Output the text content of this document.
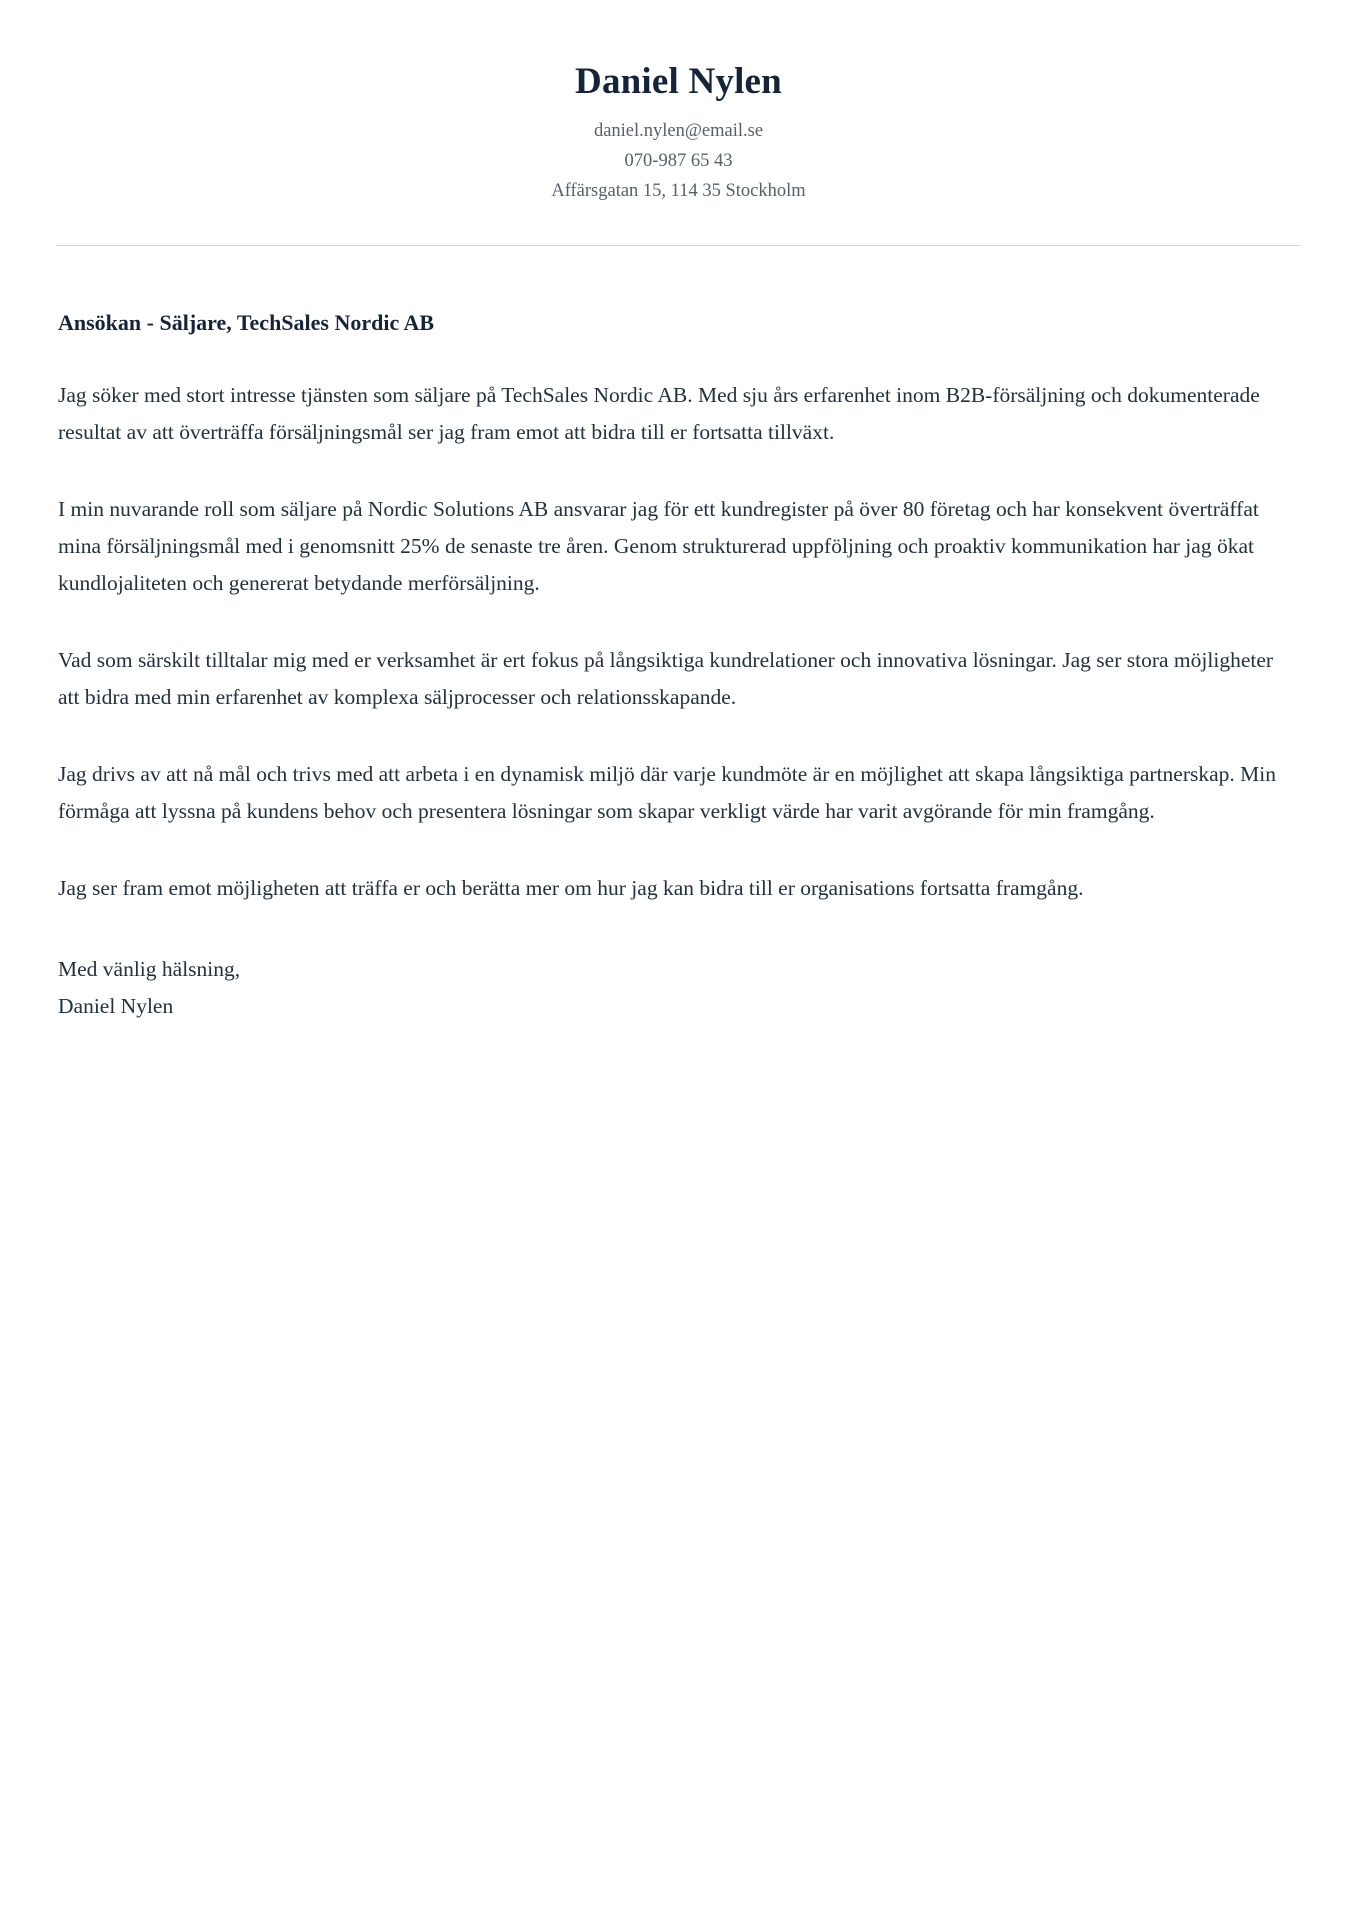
Daniel Nylen

daniel.nylen@email.se

070-987 65 43

Affärsgatan 15, 114 35 Stockholm

Ansökan - Säljare, TechSales Nordic AB

Jag söker med stort intresse tjänsten som säljare på TechSales Nordic AB. Med sju års erfarenhet inom B2B-försäljning och dokumenterade resultat av att överträffa försäljningsmål ser jag fram emot att bidra till er fortsatta tillväxt.

I min nuvarande roll som säljare på Nordic Solutions AB ansvarar jag för ett kundregister på över 80 företag och har konsekvent överträffat mina försäljningsmål med i genomsnitt 25% de senaste tre åren. Genom strukturerad uppföljning och proaktiv kommunikation har jag ökat kundlojaliteten och genererat betydande merförsäljning.

Vad som särskilt tilltalar mig med er verksamhet är ert fokus på långsiktiga kundrelationer och innovativa lösningar. Jag ser stora möjligheter att bidra med min erfarenhet av komplexa säljprocesser och relationsskapande.

Jag drivs av att nå mål och trivs med att arbeta i en dynamisk miljö där varje kundmöte är en möjlighet att skapa långsiktiga partnerskap. Min förmåga att lyssna på kundens behov och presentera lösningar som skapar verkligt värde har varit avgörande för min framgång.

Jag ser fram emot möjligheten att träffa er och berätta mer om hur jag kan bidra till er organisations fortsatta framgång.

Med vänlig hälsning,
Daniel Nylen
